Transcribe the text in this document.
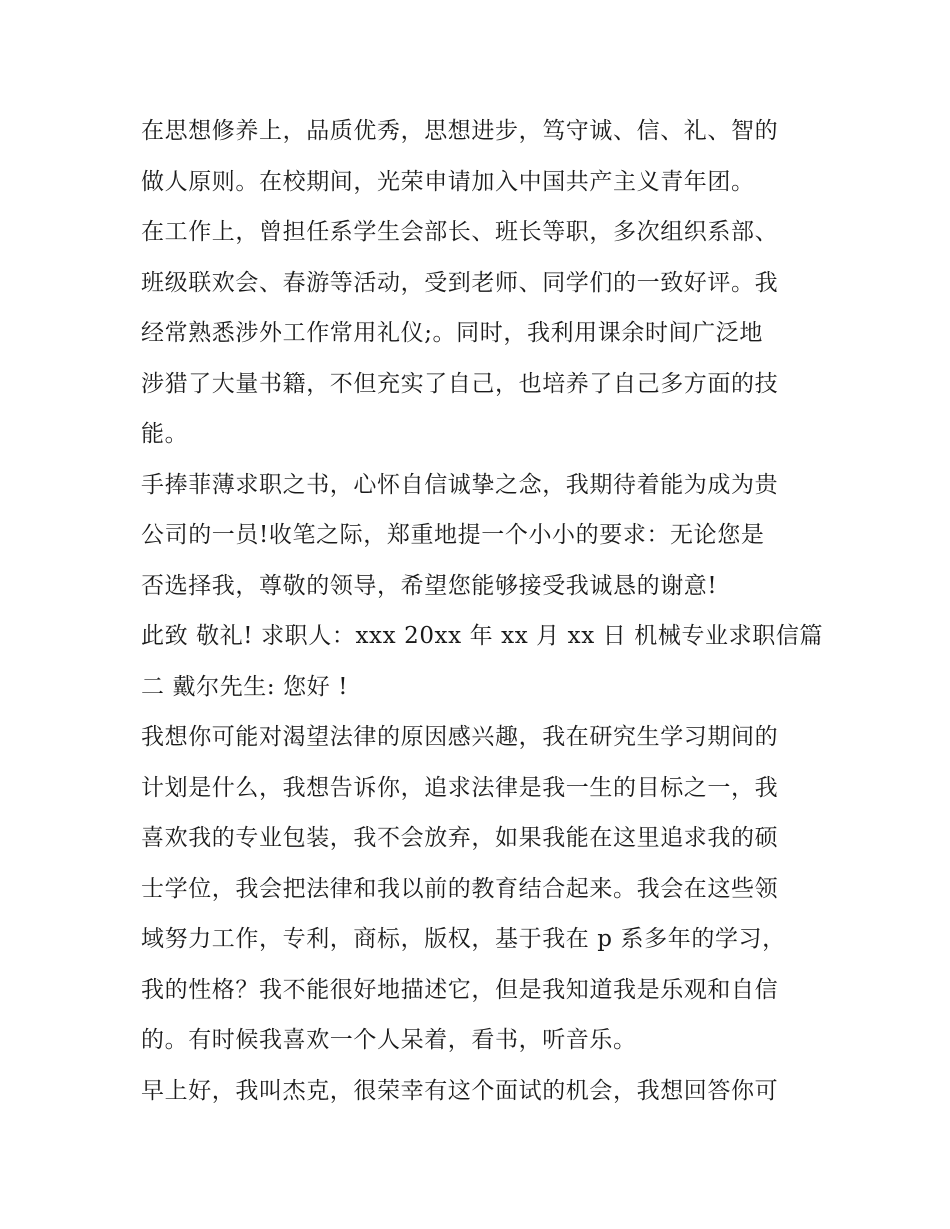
在思想修养上，品质优秀，思想进步，笃守诚、信、礼、智的
做人原则。在校期间，光荣申请加入中国共产主义青年团。
在工作上，曾担任系学生会部长、班长等职，多次组织系部、
班级联欢会、春游等活动，受到老师、同学们的一致好评。我
经常熟悉涉外工作常用礼仪;。同时，我利用课余时间广泛地
涉猎了大量书籍，不但充实了自己，也培养了自己多方面的技
能。
手捧菲薄求职之书，心怀自信诚挚之念，我期待着能为成为贵
公司的一员!收笔之际，郑重地提一个小小的要求：无论您是
否选择我，尊敬的领导，希望您能够接受我诚恳的谢意!
此致 敬礼! 求职人：xxx 20xx 年 xx 月 xx 日 机械专业求职信篇
二 戴尔先生: 您好 !
我想你可能对渴望法律的原因感兴趣，我在研究生学习期间的
计划是什么，我想告诉你，追求法律是我一生的目标之一，我
喜欢我的专业包装，我不会放弃，如果我能在这里追求我的硕
士学位，我会把法律和我以前的教育结合起来。我会在这些领
域努力工作，专利，商标，版权，基于我在 p 系多年的学习，
我的性格？我不能很好地描述它，但是我知道我是乐观和自信
的。有时候我喜欢一个人呆着，看书，听音乐。
早上好，我叫杰克，很荣幸有这个面试的机会，我想回答你可
